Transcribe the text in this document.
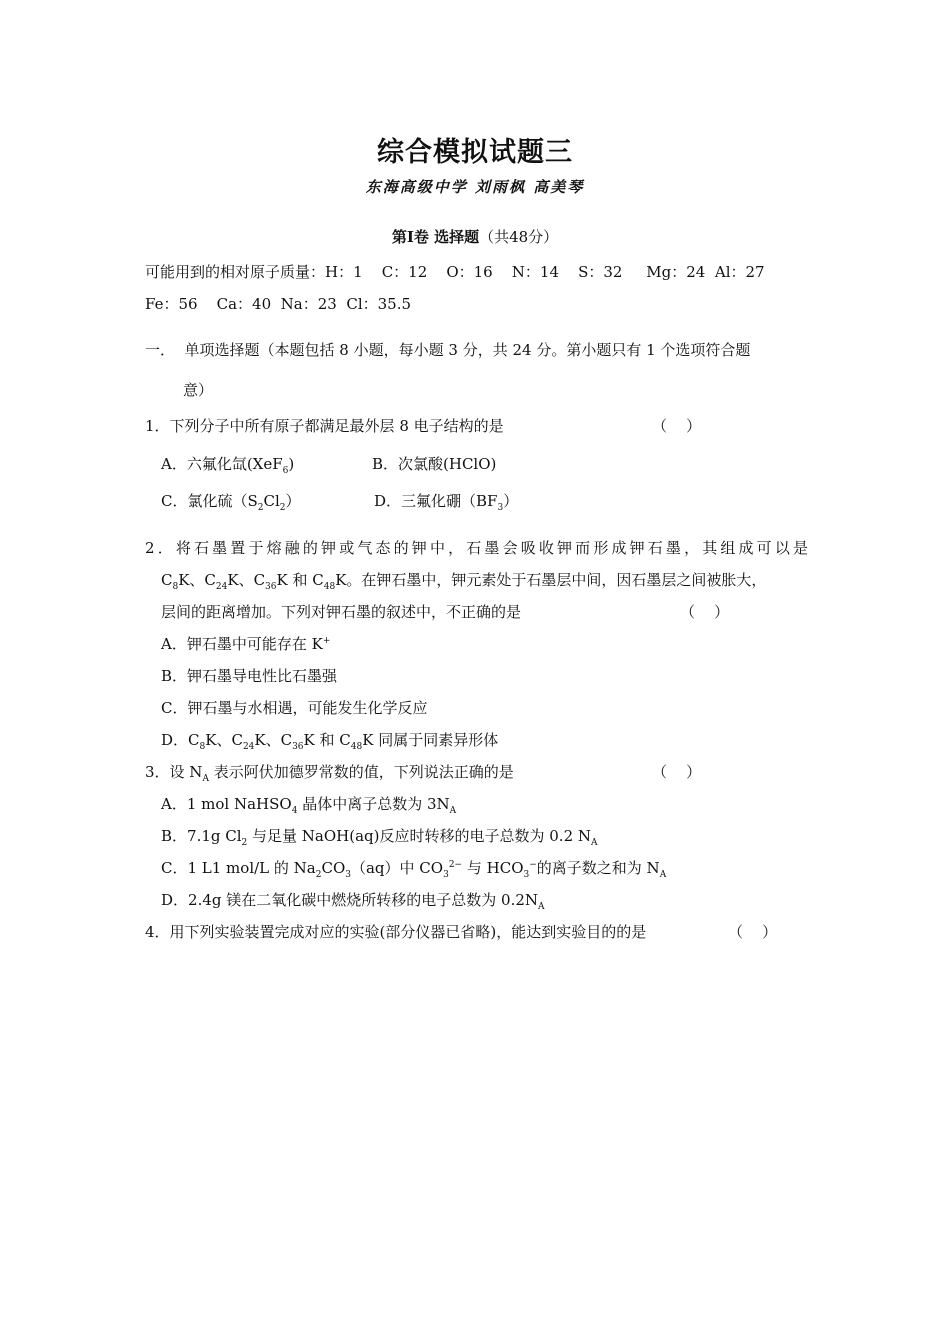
综合模拟试题三
东海高级中学 刘雨枫 高美琴
第Ⅰ卷 选择题（共48分）
可能用到的相对原子质量：H：1    C：12    O：16    N：14    S：32     Mg：24  Al：27
Fe：56    Ca：40  Na：23  Cl：35.5
一．  单项选择题（本题包括 8 小题，每小题 3 分，共 24 分。第小题只有 1 个选项符合题
意）
1．下列分子中所有原子都满足最外层 8 电子结构的是	（    ）
A．六氟化氙(XeF$_6$)	B．次氯酸(HClO)
C．氯化硫$(S_2Cl_2)$	D．三氟化硼$(BF_3)$
2．将石墨置于熔融的钾或气态的钾中，石墨会吸收钾而形成钾石墨，其组成可以是
$C_8K$、$C_{24}K$、$C_{36}K$ 和 $C_{48}K$。在钾石墨中，钾元素处于石墨层中间，因石墨层之间被胀大，
层间的距离增加。下列对钾石墨的叙述中，不正确的是	（    ）
A．钾石墨中可能存在 K+
B．钾石墨导电性比石墨强
C．钾石墨与水相遇，可能发生化学反应
D．$C_8K$、$C_{24}K$、$C_{36}K$ 和 $C_{48}K$ 同属于同素异形体
3．设 $N_A$ 表示阿伏加德罗常数的值，下列说法正确的是	（    ）
A．1 mol NaHSO$_4$ 晶体中离子总数为 $3N_A$
B．7.1g $Cl_2$ 与足量 NaOH(aq)反应时转移的电子总数为 0.2 $N_A$
C．1 L1 mol/L 的 $Na_2CO_3(aq)$中 $CO_3^{2-}$ 与 $HCO_3^-$的离子数之和为 $N_A$
D．2.4g 镁在二氧化碳中燃烧所转移的电子总数为 $0.2N_A$
4．用下列实验装置完成对应的实验(部分仪器已省略)，能达到实验目的的是	（    ）
